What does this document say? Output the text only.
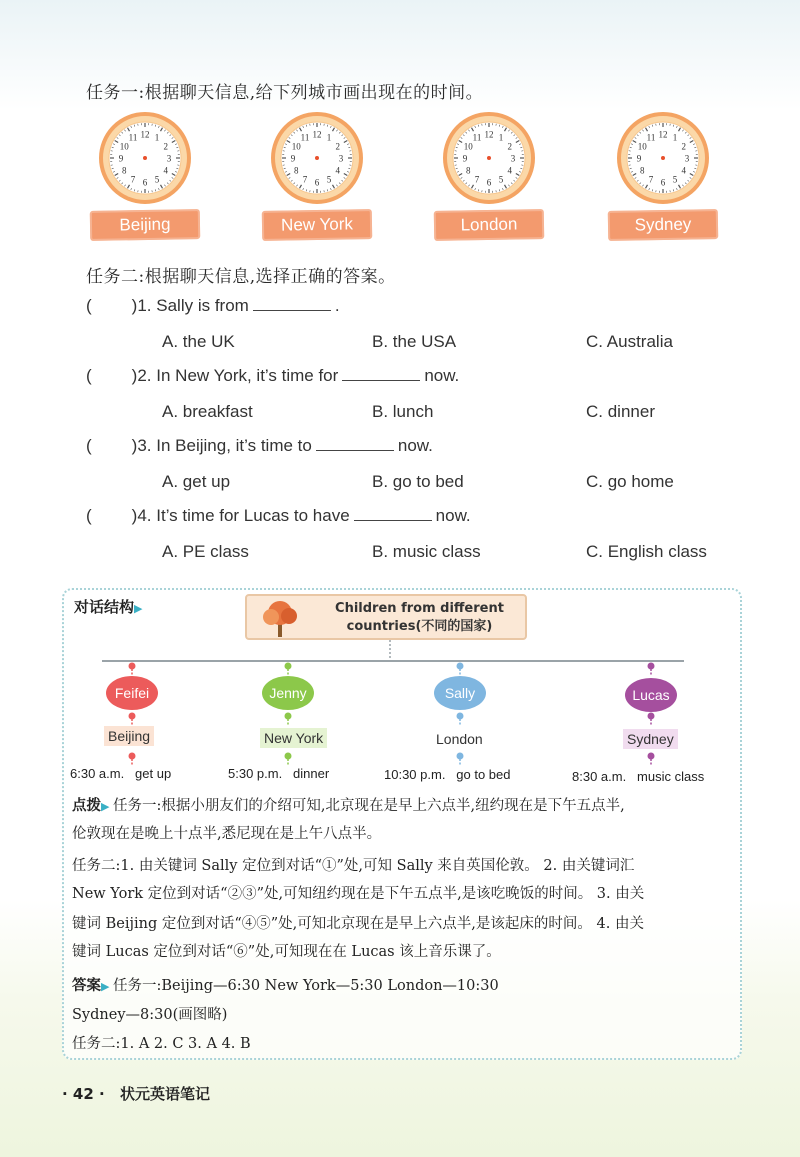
任务一:根据聊天信息,给下列城市画出现在的时间。
12 1
2
3
4
5
6
7
8
9
10
11
Beijing
12 1
2
3
4
5
6
7
8
9
10
11
New York
12 1
2
3
4
5
6
7
8
9
10
11
London
12 1
2
3
4
5
6
7
8
9
10
11
Sydney
任务二:根据聊天信息,选择正确的答案。
( )1. Sally is from	.
A. the UK	B. the USA	C. Australia
( )2. In New York, it’s time for	now.
A. breakfast	B. lunch	C. dinner
( )3. In Beijing, it’s time to	now.
A. get up	B. go to bed	C. go home
( )4. It’s time for Lucas to have	now.
A. PE class	B. music class	C. English class
对话结构▶	Children from different
countries(不同的国家)
Feifei
Beijing
6:30 a.m. get up
Jenny
New York
5:30 p.m. dinner
Sally
London
10:30 p.m. go to bed
Lucas
Sydney
8:30 a.m. music class
点拨▶ 任务一:根据小朋友们的介绍可知,北京现在是早上六点半,纽约现在是下午五点半,
伦敦现在是晚上十点半,悉尼现在是上午八点半。
任务二:1. 由关键词 Sally 定位到对话“①”处,可知 Sally 来自英国伦敦。 2. 由关键词汇
New York 定位到对话“②③”处,可知纽约现在是下午五点半,是该吃晚饭的时间。 3. 由关
键词 Beijing 定位到对话“④⑤”处,可知北京现在是早上六点半,是该起床的时间。 4. 由关
键词 Lucas 定位到对话“⑥”处,可知现在在 Lucas 该上音乐课了。
答案▶ 任务一:Beijing—6:30 New York—5:30 London—10:30
Sydney—8:30(画图略)
任务二:1. A 2. C 3. A 4. B
· 42 · 状元英语笔记
